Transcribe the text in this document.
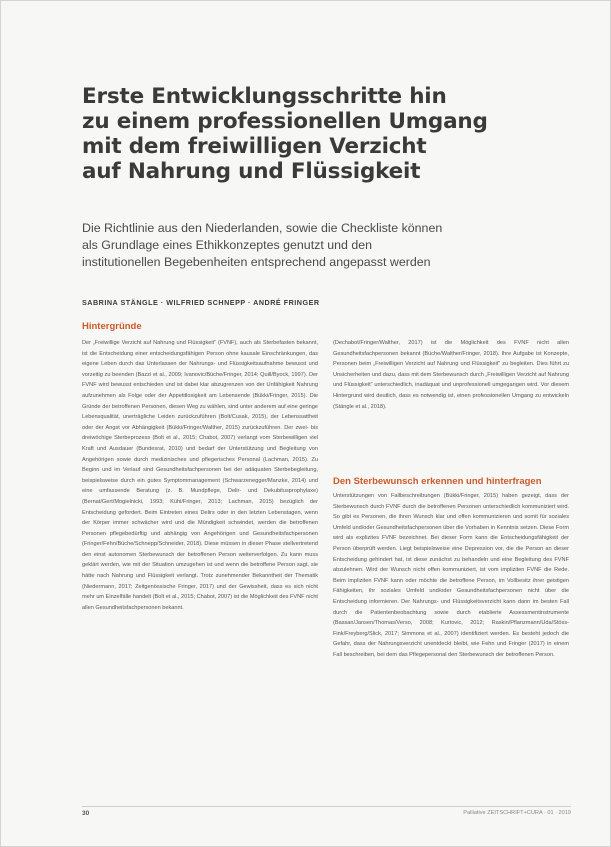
Erste Entwicklungsschritte hin
zu einem professionellen Umgang
mit dem freiwilligen Verzicht
auf Nahrung und Flüssigkeit

Die Richtlinie aus den Niederlanden, sowie die Checkliste können
als Grundlage eines Ethikkonzeptes genutzt und den
institutionellen Begebenheiten entsprechend angepasst werden

SABRINA STÄNGLE · WILFRIED SCHNEPP · ANDRÉ FRINGER
Hintergründe

Der „Freiwillige Verzicht auf Nahrung und Flüssigkeit“ (FVNF), auch als Sterbefasten bekannt, ist die Entscheidung einer entscheidungsfähigen Person ohne kausale Einschränkungen, das eigene Leben durch das Unterlassen der Nahrungs- und Flüssigkeitsaufnahme bewusst und vorzeitig zu beenden (Bazzi et al., 2009; Ivanovic/Büche/Fringer, 2014; Quill/Byock, 1997). Der FVNF wird bewusst entschieden und ist dabei klar abzugrenzen von der Unfähigkeit Nahrung aufzunehmen als Folge oder der Appetitlosigkeit am Lebensende (Bükki/Fringer, 2015). Die Gründe der betroffenen Personen, diesen Weg zu wählen, sind unter anderem auf eine geringe Lebensqualität, unerträgliche Leiden zurückzuführen (Bolt/Cusak, 2015), der Lebenssattheit oder der Angst vor Abhängigkeit (Bükki/Fringer/Walther, 2015) zurückzuführen. Der zwei- bis dreiwöchige Sterbeprozess (Bolt et al., 2015; Chabot, 2007) verlangt vom Sterbewilligen viel Kraft und Ausdauer (Bundesrat, 2010) und bedarf der Unterstützung und Begleitung von Angehörigen sowie durch medizinisches und pflegerisches Personal (Lachman, 2015). Zu Beginn und im Verlauf sind Gesundheitsfachpersonen bei der adäquaten Sterbebegleitung, beispielsweise durch ein gutes Symptommanagement (Schwarzenegger/Manzke, 2014) und eine umfassende Beratung (z. B. Mundpflege, Delir- und Dekubitusprophylaxe) (Bernat/Gert/Mogielnicki, 1993; Kühl/Fringer, 2013; Lachman, 2015) bezüglich der Entscheidung gefordert. Beim Eintreten eines Delirs oder in den letzten Lebenstagen, wenn der Körper immer schwächer wird und die Mündigkeit schwindet, werden die betroffenen Personen pflegebedürftig und abhängig von Angehörigen und Gesundheitsfachpersonen (Fringer/Fehn/Büche/Schnepp/Schneider, 2018). Diese müssen in dieser Phase stellvertretend den einst autonomen Sterbewunsch der betroffenen Person weiterverfolgen. Zu kann muss geklärt werden, wie mit der Situation umzugehen ist und wenn die betroffene Person sagt, sie hätte nach Nahrung und Flüssigkeit verlangt. Trotz zunehmender Bekanntheit der Thematik (Niedermann, 2017; Zeitgenössische Fringer, 2017) und der Gewissheit, dass es sich nicht mehr um Einzelfälle handelt (Bolt et al., 2015; Chabot, 2007) ist die Möglichkeit des FVNF nicht allen Gesundheitsfachpersonen bekannt.

(Dechabot/Fringer/Walther, 2017) ist die Möglichkeit des FVNF nicht allen Gesundheitsfachpersonen bekannt (Büche/Walther/Fringer, 2018). Ihre Aufgabe ist Konzepte, Personen beim „Freiwilligen Verzicht auf Nahrung und Flüssigkeit“ zu begleiten. Dies führt zu Unsicherheiten und dazu, dass mit dem Sterbewunsch durch „Freiwilligen Verzicht auf Nahrung und Flüssigkeit“ unterschiedlich, inadäquat und unprofessionell umgegangen wird. Vor diesem Hintergrund wird deutlich, dass es notwendig ist, einen professionellen Umgang zu entwickeln (Stängle et al., 2018).

Den Sterbewunsch erkennen und hinterfragen

Unterstützungen von Fallbeschreibungen (Bükki/Fringer, 2015) haben gezeigt, dass der Sterbewunsch durch FVNF durch die betroffenen Personen unterschiedlich kommuniziert wird. So gibt es Personen, die ihren Wunsch klar und offen kommunizieren und somit für soziales Umfeld und/oder Gesundheitsfachpersonen über die Vorhaben in Kenntnis setzen. Diese Form wird als explizites FVNF bezeichnet. Bei dieser Form kann die Entscheidungsfähigkeit der Person überprüft werden. Liegt beispielsweise eine Depression vor, die die Person an dieser Entscheidung gehindert hat, ist diese zunächst zu behandeln und eine Begleitung des FVNF abzulehnen. Wird der Wunsch nicht offen kommuniziert, ist vom impliziten FVNF die Rede. Beim impliziten FVNF kann oder möchte die betroffene Person, im Vollbesitz ihrer geistigen Fähigkeiten, ihr soziales Umfeld und/oder Gesundheitsfachpersonen nicht über die Entscheidung informieren. Der Nahrungs- und Flüssigkeitsverzicht kann dann im besten Fall durch die Patientenbeobachtung sowie durch etablierte Assessmentinstrumente (Bassan/Jansen/Thomas/Verso, 2008; Kurtovic, 2012; Raskin/Pflanzmann/Uda/Stöss-Fink/Freyberg/Slick, 2017; Simmons et al., 2007) identifiziert werden. Es besteht jedoch die Gefahr, dass der Nahrungsverzicht unentdeckt bleibt, wie Fehn und Fringer (2017) in einem Fall beschreiben, bei dem das Pflegepersonal den Sterbewunsch der betroffenen Person.

30	Palliative ZEITSCHRIFT+CURA · 01 · 2019
